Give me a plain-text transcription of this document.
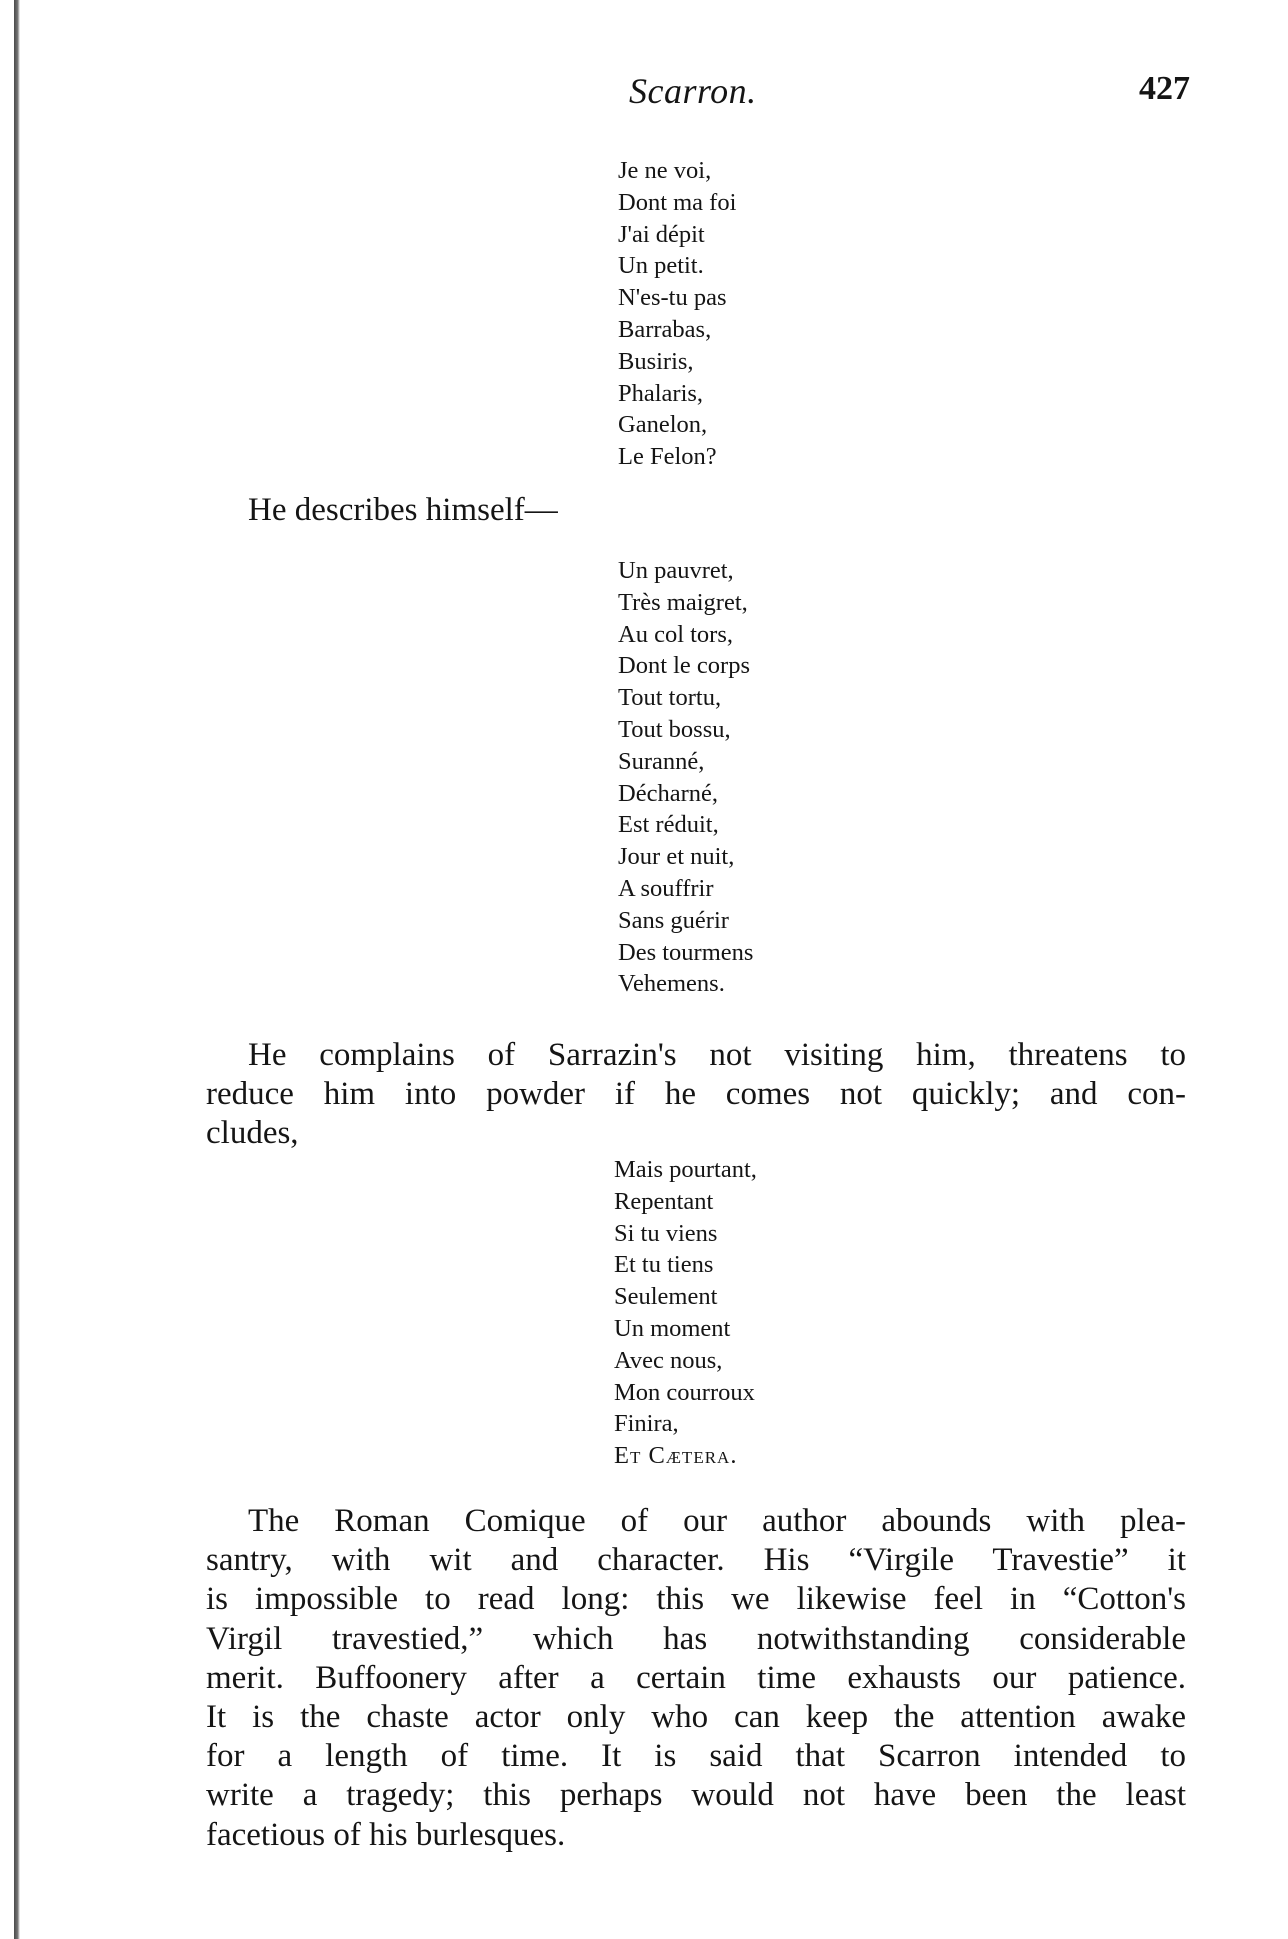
Scarron.	427
Je ne voi,
Dont ma foi
J'ai dépit
Un petit.
N'es-tu pas
Barrabas,
Busiris,
Phalaris,
Ganelon,
Le Felon?
He describes himself—
Un pauvret,
Très maigret,
Au col tors,
Dont le corps
Tout tortu,
Tout bossu,
Suranné,
Décharné,
Est réduit,
Jour et nuit,
A souffrir
Sans guérir
Des tourmens
Vehemens.
He complains of Sarrazin's not visiting him, threatens to
reduce him into powder if he comes not quickly; and con-
cludes,
Mais pourtant,
Repentant
Si tu viens
Et tu tiens
Seulement
Un moment
Avec nous,
Mon courroux
Finira,
Et Cætera.
The Roman Comique of our author abounds with plea-
santry, with wit and character. His “Virgile Travestie” it
is impossible to read long: this we likewise feel in “Cotton's
Virgil travestied,” which has notwithstanding considerable
merit. Buffoonery after a certain time exhausts our patience.
It is the chaste actor only who can keep the attention awake
for a length of time. It is said that Scarron intended to
write a tragedy; this perhaps would not have been the least
facetious of his burlesques.
